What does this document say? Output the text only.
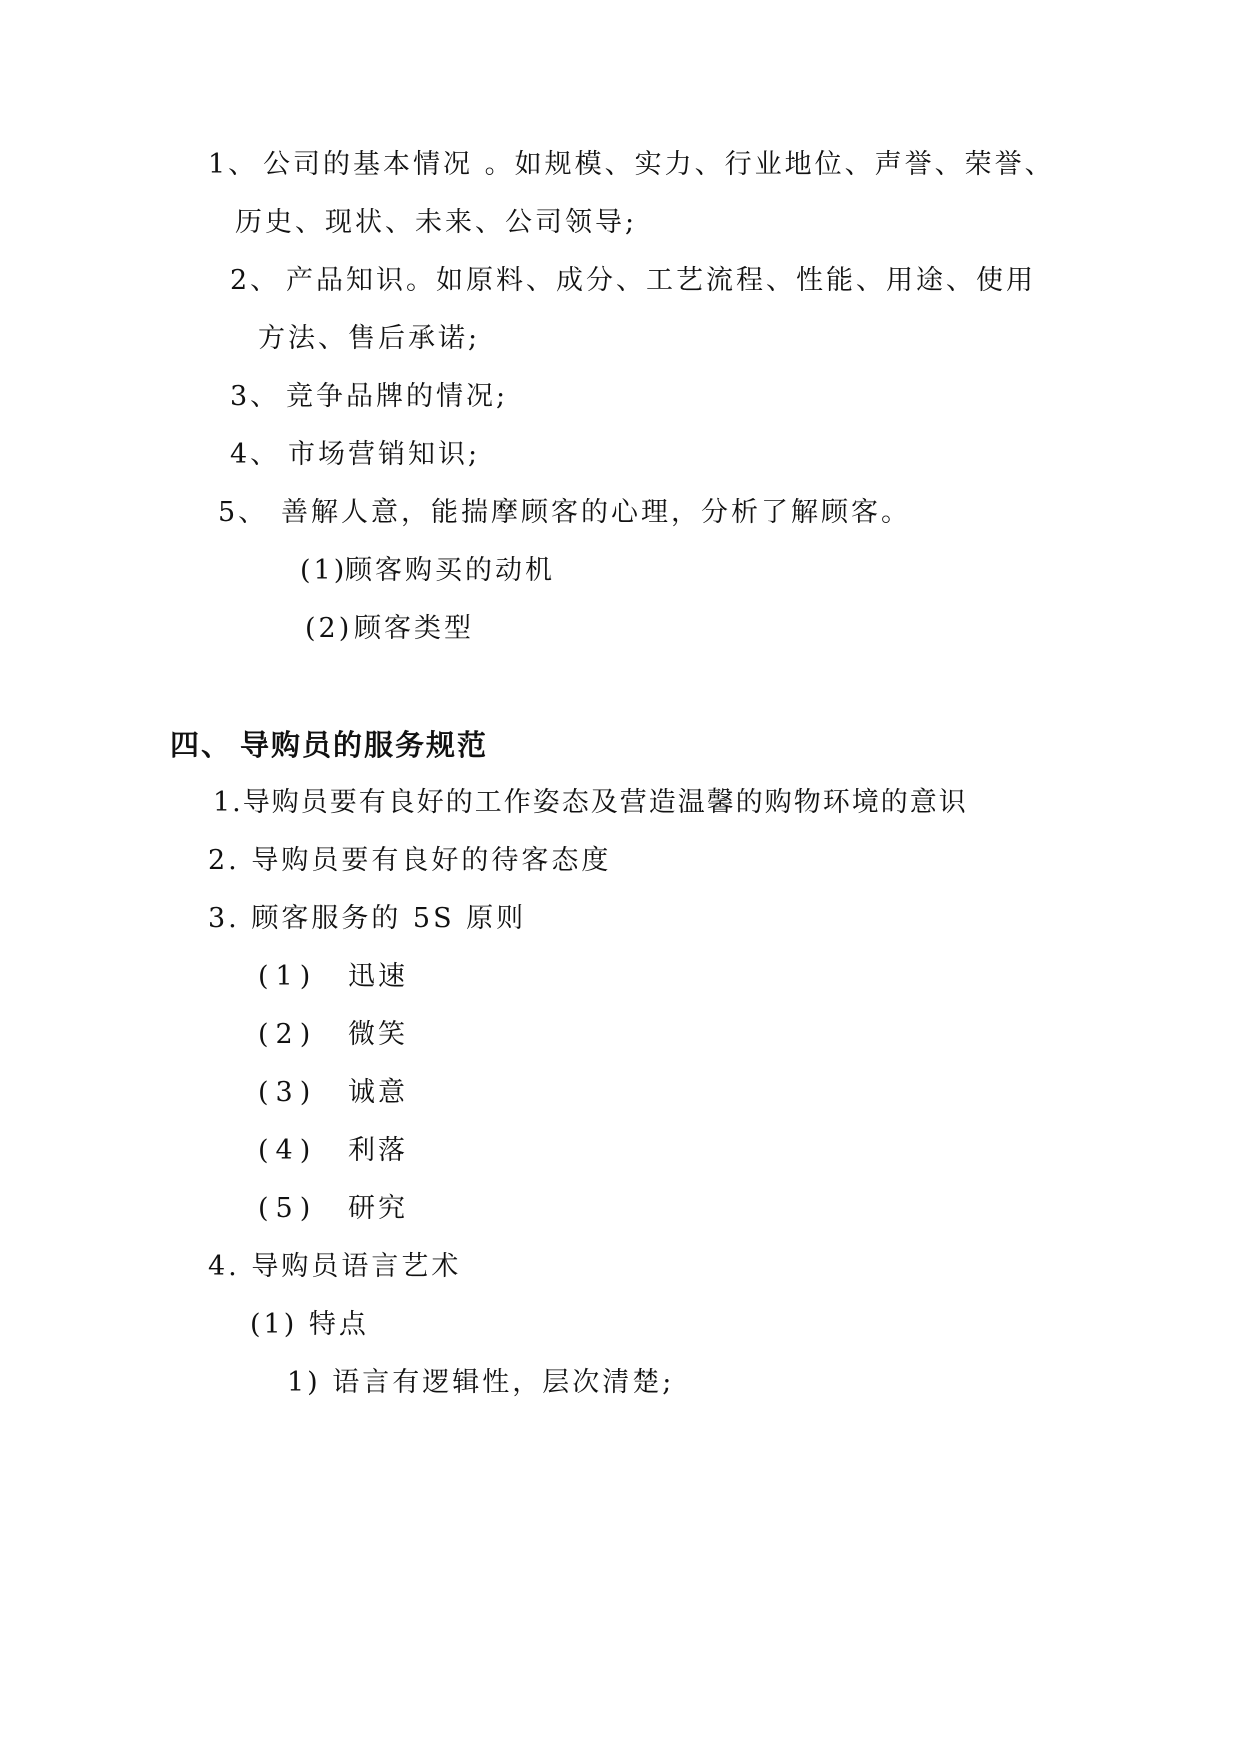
1、 公司的基本情况 。如规模、实力、行业地位、声誉、荣誉、
历史、现状、未来、公司领导;
2、 产品知识。如原料、成分、工艺流程、性能、用途、使用
方法、售后承诺;
3、 竞争品牌的情况;
4、 市场营销知识;
5、 善解人意，能揣摩顾客的心理，分析了解顾客。
(1)顾客购买的动机
(2)顾客类型
四、 导购员的服务规范
1.导购员要有良好的工作姿态及营造温馨的购物环境的意识
2. 导购员要有良好的待客态度
3. 顾客服务的 5S 原则
(1) 迅速
(2) 微笑
(3) 诚意
(4) 利落
(5) 研究
4. 导购员语言艺术
(1) 特点
1) 语言有逻辑性，层次清楚;
